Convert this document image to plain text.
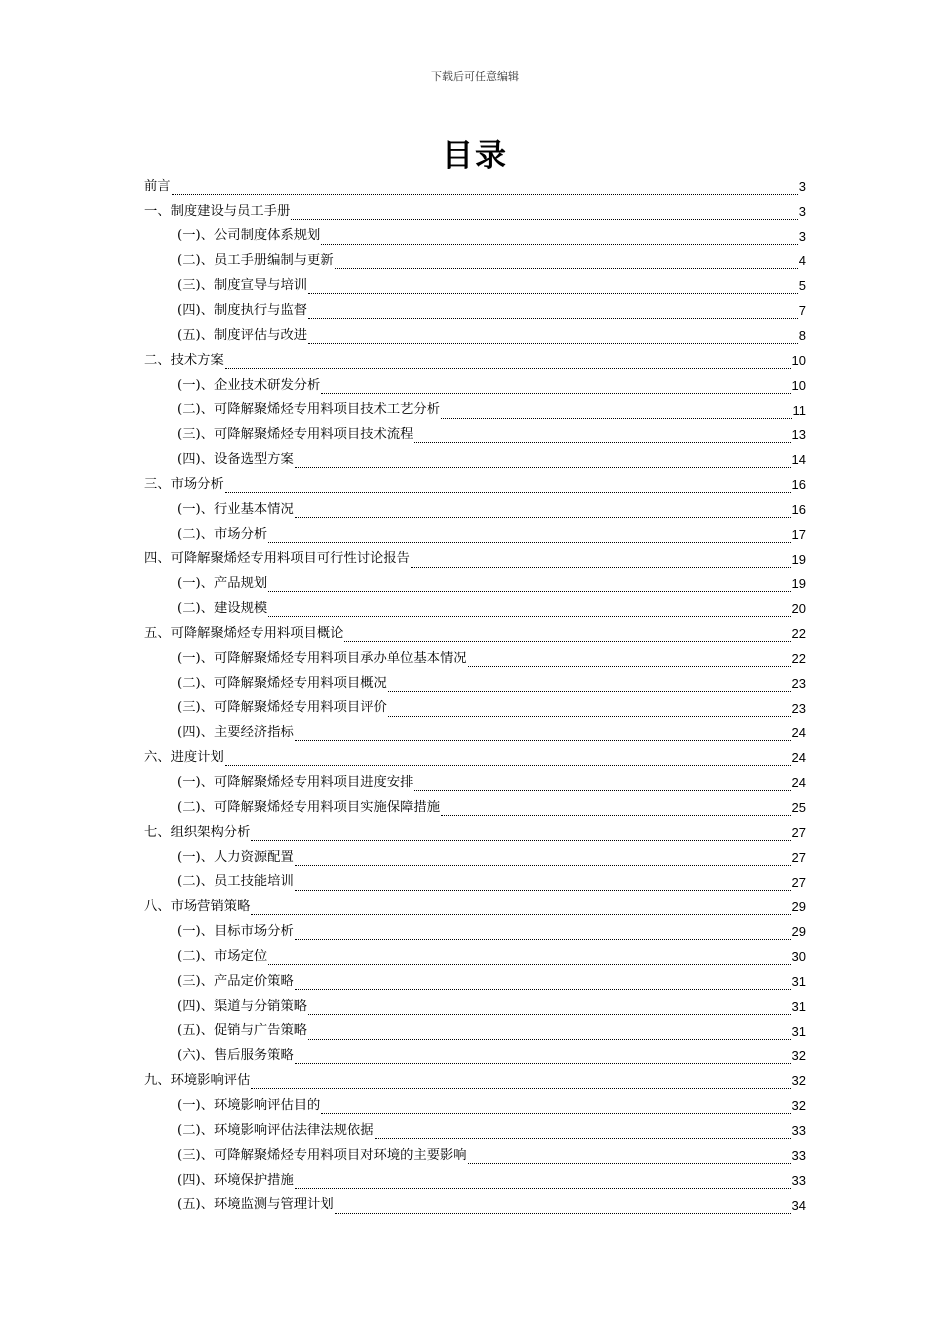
下载后可任意编辑
目录
前言	3
一、制度建设与员工手册	3
(一)、公司制度体系规划	3
(二)、员工手册编制与更新	4
(三)、制度宣导与培训	5
(四)、制度执行与监督	7
(五)、制度评估与改进	8
二、技术方案	10
(一)、企业技术研发分析	10
(二)、可降解聚烯烃专用料项目技术工艺分析	11
(三)、可降解聚烯烃专用料项目技术流程	13
(四)、设备选型方案	14
三、市场分析	16
(一)、行业基本情况	16
(二)、市场分析	17
四、可降解聚烯烃专用料项目可行性讨论报告	19
(一)、产品规划	19
(二)、建设规模	20
五、可降解聚烯烃专用料项目概论	22
(一)、可降解聚烯烃专用料项目承办单位基本情况	22
(二)、可降解聚烯烃专用料项目概况	23
(三)、可降解聚烯烃专用料项目评价	23
(四)、主要经济指标	24
六、进度计划	24
(一)、可降解聚烯烃专用料项目进度安排	24
(二)、可降解聚烯烃专用料项目实施保障措施	25
七、组织架构分析	27
(一)、人力资源配置	27
(二)、员工技能培训	27
八、市场营销策略	29
(一)、目标市场分析	29
(二)、市场定位	30
(三)、产品定价策略	31
(四)、渠道与分销策略	31
(五)、促销与广告策略	31
(六)、售后服务策略	32
九、环境影响评估	32
(一)、环境影响评估目的	32
(二)、环境影响评估法律法规依据	33
(三)、可降解聚烯烃专用料项目对环境的主要影响	33
(四)、环境保护措施	33
(五)、环境监测与管理计划	34
